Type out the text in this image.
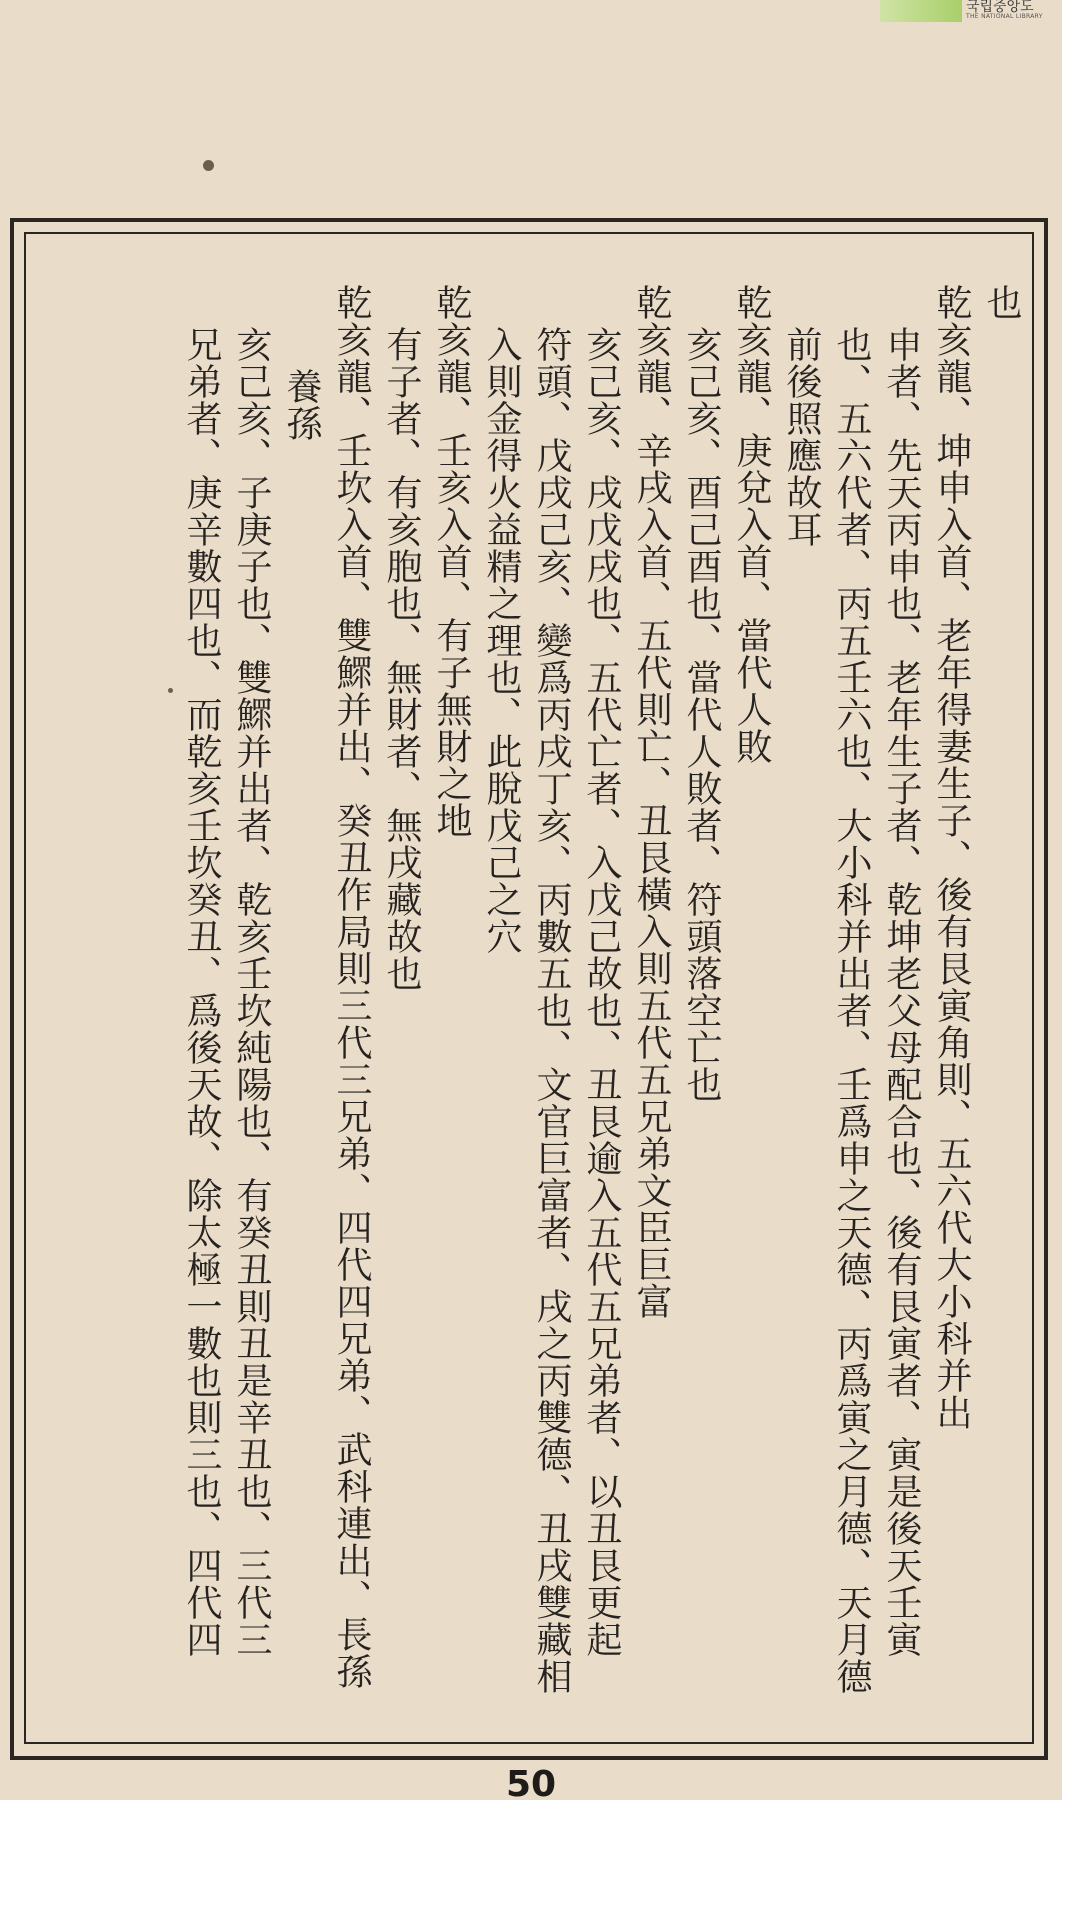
국립중앙도
THE NATIONAL LIBRARY
也
乾亥龍、坤申入首、老年得妻生子、後有艮寅角則、五六代大小科并出
申者、先天丙申也、老年生子者、乾坤老父母配合也、後有艮寅者、寅是後天壬寅
也、五六代者、丙五壬六也、大小科并出者、壬爲申之天德、丙爲寅之月德、天月德
前後照應故耳
乾亥龍、庚兌入首、當代人敗
亥己亥、酉己酉也、當代人敗者、符頭落空亡也
乾亥龍、辛戌入首、五代則亡、丑艮橫入則五代五兄弟文臣巨富
亥己亥、戌戊戌也、五代亡者、入戊己故也、丑艮逾入五代五兄弟者、以丑艮更起
符頭、戊戌己亥、變爲丙戌丁亥、丙數五也、文官巨富者、戌之丙雙德、丑戌雙藏相
入則金得火益精之理也、此脫戊己之穴
乾亥龍、壬亥入首、有子無財之地
有子者、有亥胞也、無財者、無戌藏故也
乾亥龍、壬坎入首、雙鰥并出、癸丑作局則三代三兄弟、四代四兄弟、武科連出、長孫
養孫
亥己亥、子庚子也、雙鰥并出者、乾亥壬坎純陽也、有癸丑則丑是辛丑也、三代三
兄弟者、庚辛數四也、而乾亥壬坎癸丑、爲後天故、除太極一數也則三也、四代四
50
